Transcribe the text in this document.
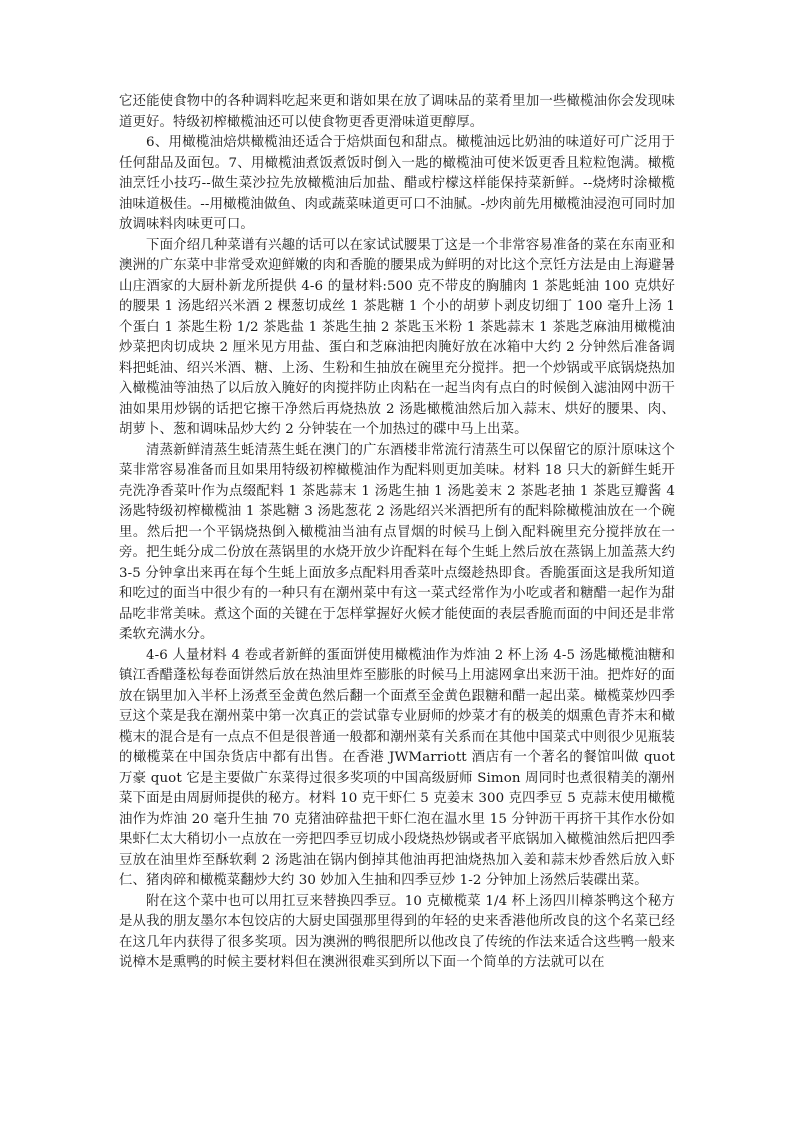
它还能使食物中的各种调料吃起来更和谐如果在放了调味品的菜肴里加一些橄榄油你会发现味道更好。特级初榨橄榄油还可以使食物更香更滑味道更醇厚。

6、用橄榄油焙烘橄榄油还适合于焙烘面包和甜点。橄榄油远比奶油的味道好可广泛用于任何甜品及面包。7、用橄榄油煮饭煮饭时倒入一匙的橄榄油可使米饭更香且粒粒饱满。橄榄油烹饪小技巧--做生菜沙拉先放橄榄油后加盐、醋或柠檬这样能保持菜新鲜。--烧烤时涂橄榄油味道极佳。--用橄榄油做鱼、肉或蔬菜味道更可口不油腻。-炒肉前先用橄榄油浸泡可同时加放调味料肉味更可口。

下面介绍几种菜谱有兴趣的话可以在家试试腰果丁这是一个非常容易准备的菜在东南亚和澳洲的广东菜中非常受欢迎鲜嫩的肉和香脆的腰果成为鲜明的对比这个烹饪方法是由上海避暑山庄酒家的大厨朴新龙所提供 4-6 的量材料:500 克不带皮的胸脯肉 1 茶匙蚝油 100 克烘好的腰果 1 汤匙绍兴米酒 2 棵葱切成丝 1 茶匙糖 1 个小的胡萝卜剥皮切细丁 100 毫升上汤 1 个蛋白 1 茶匙生粉 1/2 茶匙盐 1 茶匙生抽 2 茶匙玉米粉 1 茶匙蒜末 1 茶匙芝麻油用橄榄油炒菜把肉切成块 2 厘米见方用盐、蛋白和芝麻油把肉腌好放在冰箱中大约 2 分钟然后准备调料把蚝油、绍兴米酒、糖、上汤、生粉和生抽放在碗里充分搅拌。把一个炒锅或平底锅烧热加入橄榄油等油热了以后放入腌好的肉搅拌防止肉粘在一起当肉有点白的时候倒入滤油网中沥干油如果用炒锅的话把它擦干净然后再烧热放 2 汤匙橄榄油然后加入蒜末、烘好的腰果、肉、胡萝卜、葱和调味品炒大约 2 分钟装在一个加热过的碟中马上出菜。

清蒸新鲜清蒸生蚝清蒸生蚝在澳门的广东酒楼非常流行清蒸生可以保留它的原汁原味这个菜非常容易准备而且如果用特级初榨橄榄油作为配料则更加美味。材料 18 只大的新鲜生蚝开壳洗净香菜叶作为点缀配料 1 茶匙蒜末 1 汤匙生抽 1 汤匙姜末 2 茶匙老抽 1 茶匙豆瓣酱 4 汤匙特级初榨橄榄油 1 茶匙糖 3 汤匙葱花 2 汤匙绍兴米酒把所有的配料除橄榄油放在一个碗里。然后把一个平锅烧热倒入橄榄油当油有点冒烟的时候马上倒入配料碗里充分搅拌放在一旁。把生蚝分成二份放在蒸锅里的水烧开放少许配料在每个生蚝上然后放在蒸锅上加盖蒸大约 3-5 分钟拿出来再在每个生蚝上面放多点配料用香菜叶点缀趁热即食。香脆蛋面这是我所知道和吃过的面当中很少有的一种只有在潮州菜中有这一菜式经常作为小吃或者和糖醋一起作为甜品吃非常美味。煮这个面的关键在于怎样掌握好火候才能使面的表层香脆而面的中间还是非常柔软充满水分。

4-6 人量材料 4 卷或者新鲜的蛋面饼使用橄榄油作为炸油 2 杯上汤 4-5 汤匙橄榄油糖和镇江香醋蓬松每卷面饼然后放在热油里炸至膨胀的时候马上用滤网拿出来沥干油。把炸好的面放在锅里加入半杯上汤煮至金黄色然后翻一个面煮至金黄色跟糖和醋一起出菜。橄榄菜炒四季豆这个菜是我在潮州菜中第一次真正的尝试靠专业厨师的炒菜才有的极美的烟熏色青芥末和橄榄末的混合是有一点点不但是很普通一般都和潮州菜有关系而在其他中国菜式中则很少见瓶装的橄榄菜在中国杂货店中都有出售。在香港 JWMarriott 酒店有一个著名的餐馆叫做 quot 万豪 quot 它是主要做广东菜得过很多奖项的中国高级厨师 Simon 周同时也煮很精美的潮州菜下面是由周厨师提供的秘方。材料 10 克干虾仁 5 克姜末 300 克四季豆 5 克蒜末使用橄榄油作为炸油 20 毫升生抽 70 克猪油碎盐把干虾仁泡在温水里 15 分钟沥干再挤干其作水份如果虾仁太大稍切小一点放在一旁把四季豆切成小段烧热炒锅或者平底锅加入橄榄油然后把四季豆放在油里炸至酥软剩 2 汤匙油在锅内倒掉其他油再把油烧热加入姜和蒜末炒香然后放入虾仁、猪肉碎和橄榄菜翻炒大约 30 妙加入生抽和四季豆炒 1-2 分钟加上汤然后装碟出菜。

附在这个菜中也可以用扛豆来替换四季豆。10 克橄榄菜 1/4 杯上汤四川樟茶鸭这个秘方是从我的朋友墨尔本包饺店的大厨史国强那里得到的年轻的史来香港他所改良的这个名菜已经在这几年内获得了很多奖项。因为澳洲的鸭很肥所以他改良了传统的作法来适合这些鸭一般来说樟木是熏鸭的时候主要材料但在澳洲很难买到所以下面一个简单的方法就可以在
